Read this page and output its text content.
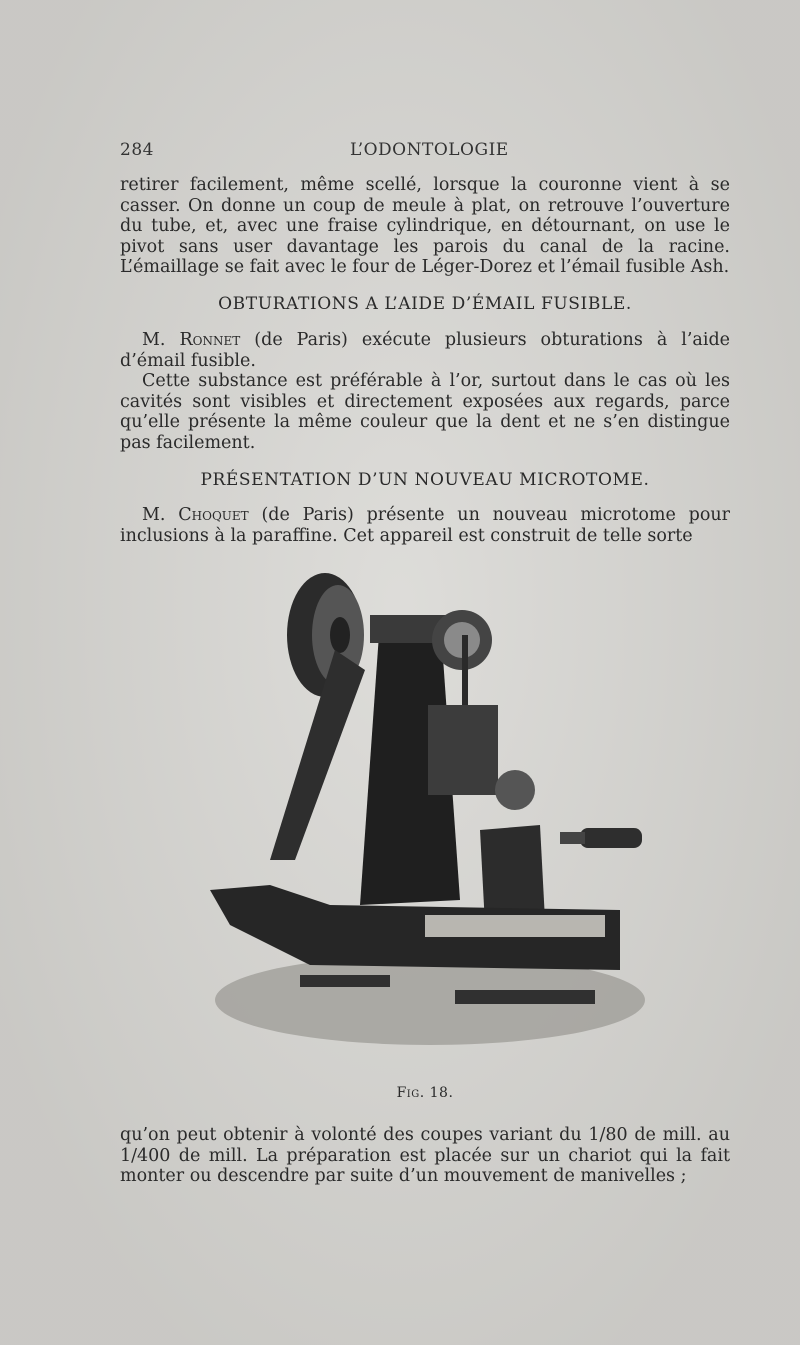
284	L’ODONTOLOGIE

retirer facilement, même scellé, lorsque la couronne vient à se casser. On donne un coup de meule à plat, on retrouve l’ouverture du tube, et, avec une fraise cylindrique, en détournant, on use le pivot sans user davantage les parois du canal de la racine. L’émaillage se fait avec le four de Léger-Dorez et l’émail fusible Ash.

OBTURATIONS A L’AIDE D’ÉMAIL FUSIBLE.

M. Ronnet (de Paris) exécute plusieurs obturations à l’aide d’émail fusible.

Cette substance est préférable à l’or, surtout dans le cas où les cavités sont visibles et directement exposées aux regards, parce qu’elle présente la même couleur que la dent et ne s’en distingue pas facilement.

PRÉSENTATION D’UN NOUVEAU MICROTOME.

M. Choquet (de Paris) présente un nouveau microtome pour inclusions à la paraffine. Cet appareil est construit de telle sorte

Fig. 18.

qu’on peut obtenir à volonté des coupes variant du 1/80 de mill. au 1/400 de mill. La préparation est placée sur un chariot qui la fait monter ou descendre par suite d’un mouvement de manivelles ;
